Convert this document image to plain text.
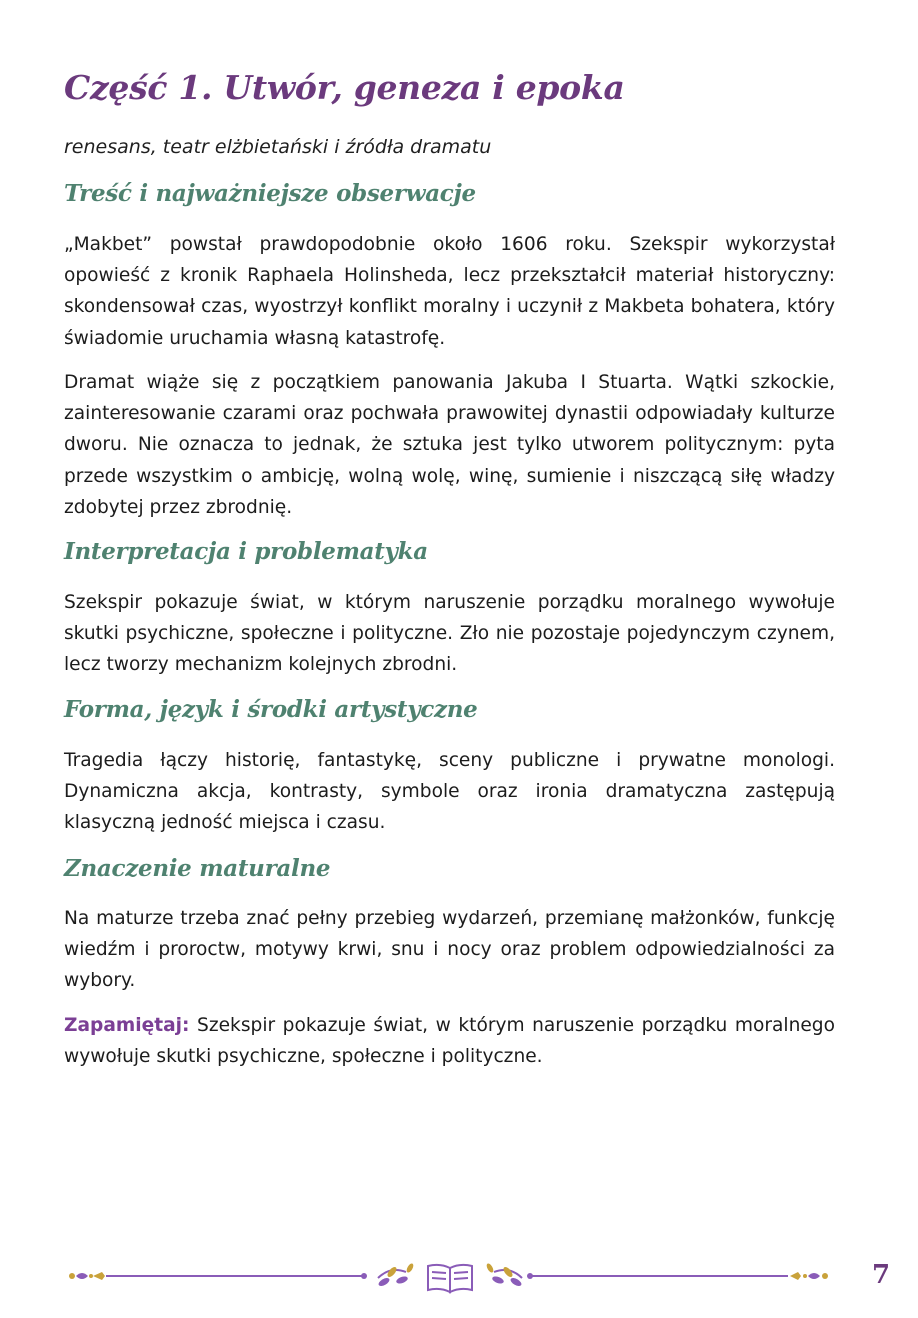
Część 1. Utwór, geneza i epoka
renesans, teatr elżbietański i źródła dramatu
Treść i najważniejsze obserwacje

„Makbet” powstał prawdopodobnie około 1606 roku. Szekspir wykorzystał opowieść z kronik Raphaela Holinsheda, lecz przekształcił materiał historyczny: skondensował czas, wyostrzył konflikt moralny i uczynił z Makbeta bohatera, który świadomie uruchamia własną katastrofę.

Dramat wiąże się z początkiem panowania Jakuba I Stuarta. Wątki szkockie, zainteresowanie czarami oraz pochwała prawowitej dynastii odpowiadały kulturze dworu. Nie oznacza to jednak, że sztuka jest tylko utworem politycznym: pyta przede wszystkim o ambicję, wolną wolę, winę, sumienie i niszczącą siłę władzy zdobytej przez zbrodnię.

Interpretacja i problematyka

Szekspir pokazuje świat, w którym naruszenie porządku moralnego wywołuje skutki psychiczne, społeczne i polityczne. Zło nie pozostaje pojedynczym czynem, lecz tworzy mechanizm kolejnych zbrodni.

Forma, język i środki artystyczne

Tragedia łączy historię, fantastykę, sceny publiczne i prywatne monologi. Dynamiczna akcja, kontrasty, symbole oraz ironia dramatyczna zastępują klasyczną jedność miejsca i czasu.

Znaczenie maturalne

Na maturze trzeba znać pełny przebieg wydarzeń, przemianę małżonków, funkcję wiedźm i proroctw, motywy krwi, snu i nocy oraz problem odpowiedzialności za wybory.

Zapamiętaj: Szekspir pokazuje świat, w którym naruszenie porządku moralnego wywołuje skutki psychiczne, społeczne i polityczne.

7
